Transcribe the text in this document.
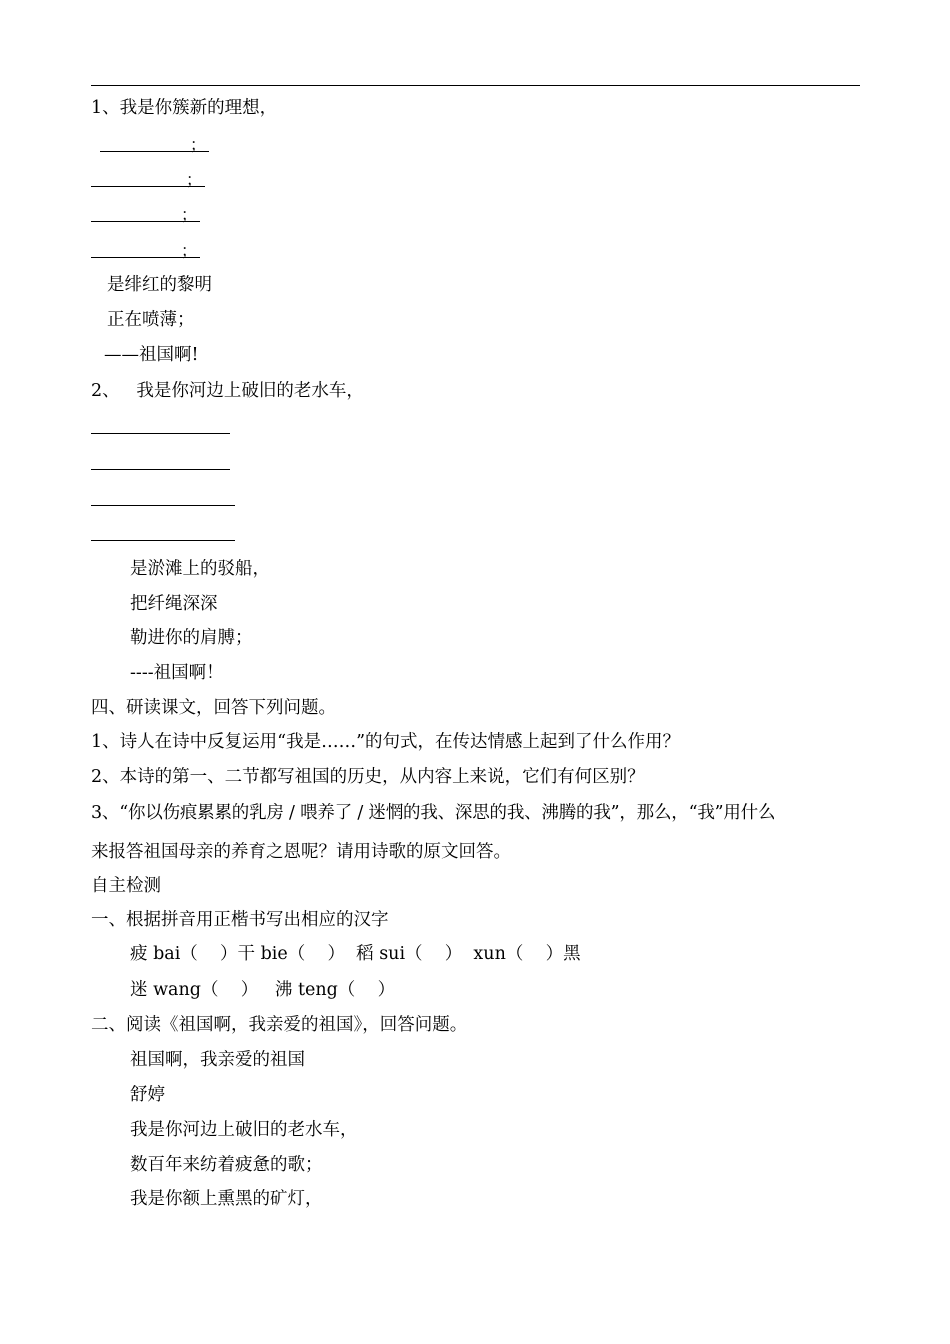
1、我是你簇新的理想，
；
；
；
；
是绯红的黎明
正在喷薄；
——祖国啊!
2、   我是你河边上破旧的老水车，
是淤滩上的驳船，
把纤绳深深
勒进你的肩膊；
----祖国啊！
四、研读课文，回答下列问题。
1、诗人在诗中反复运用“我是……”的句式，在传达情感上起到了什么作用？
2、本诗的第一、二节都写祖国的历史，从内容上来说，它们有何区别？
3、“你以伤痕累累的乳房 / 喂养了 / 迷惘的我、深思的我、沸腾的我”，那么，“我”用什么
来报答祖国母亲的养育之恩呢？请用诗歌的原文回答。
自主检测
一、根据拼音用正楷书写出相应的汉字
疲 bai（    ）干 bie（    ）  稻 sui（    ）  xun（    ）黑
迷 wang（    ）   沸 teng（    ）
二、阅读《祖国啊，我亲爱的祖国》，回答问题。
祖国啊，我亲爱的祖国
舒婷
我是你河边上破旧的老水车，
数百年来纺着疲惫的歌；
我是你额上熏黑的矿灯，
